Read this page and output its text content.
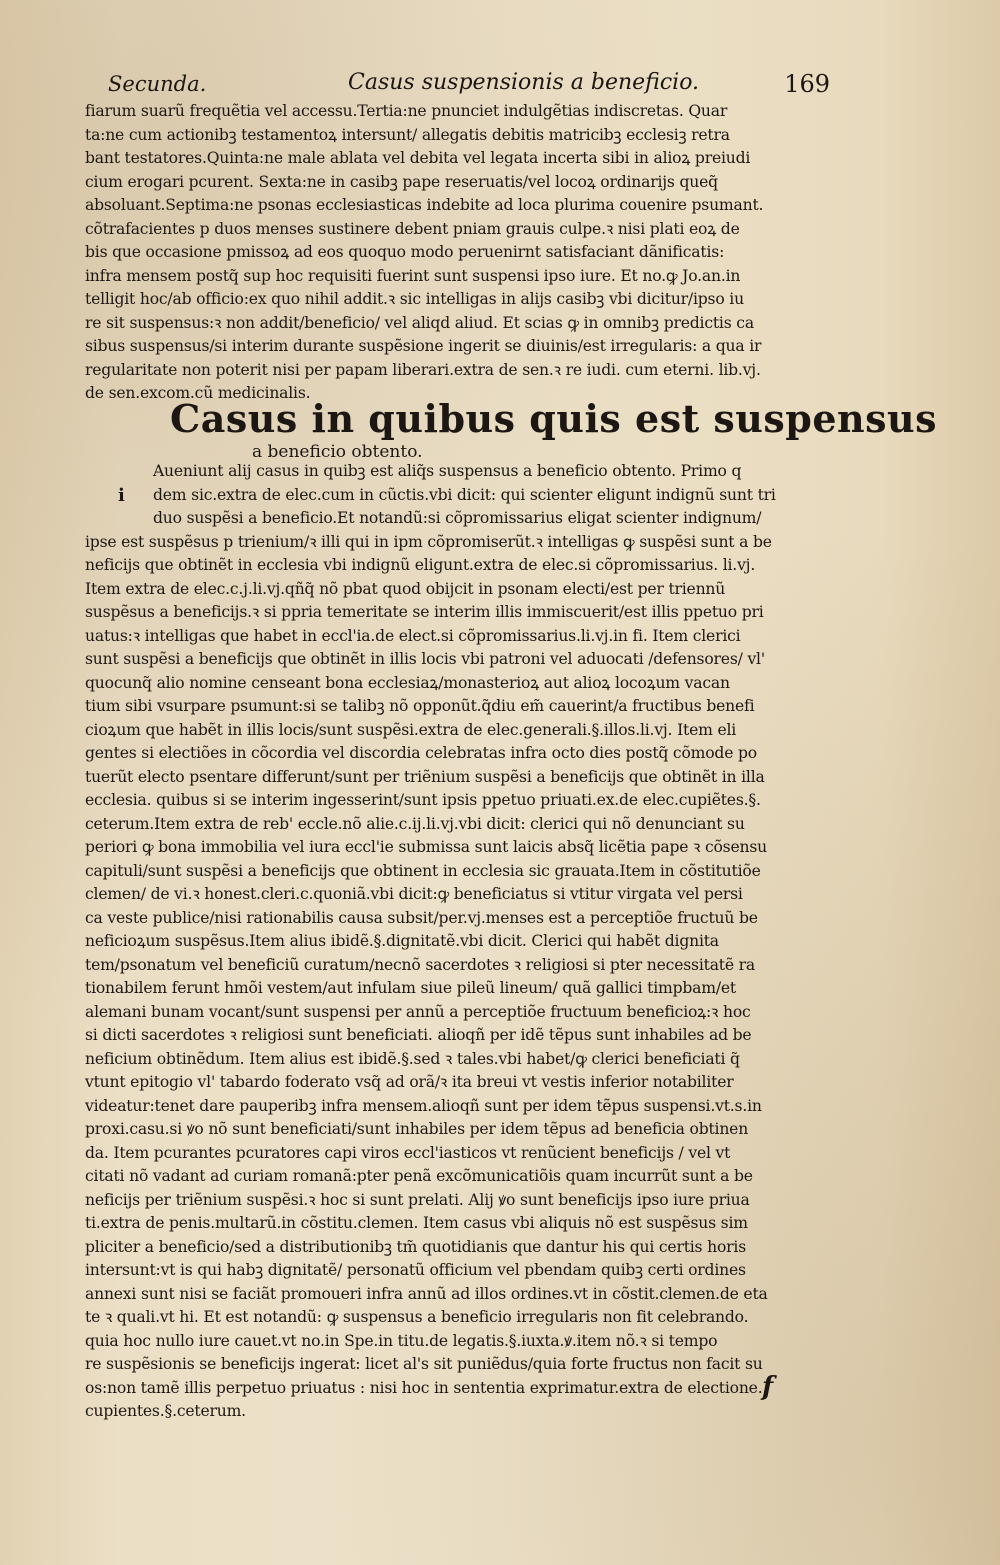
Secunda.	Casus suspensionis a beneficio.	169
fiarum suarũ frequẽtia vel accessu.Tertia:ne pnunciet indulgẽtias indiscretas. Quar
ta:ne cum actionibꝫ testamentoꝝ intersunt/ allegatis debitis matricibꝫ ecclesiꝫ retra
bant testatores.Quinta:ne male ablata vel debita vel legata incerta sibi in alioꝝ preiudi
cium erogari pcurent. Sexta:ne in casibꝫ pape reseruatis/vel locoꝝ ordinarijs queq̃
absoluant.Septima:ne psonas ecclesiasticas indebite ad loca plurima couenire psumant.
cõtrafacientes p duos menses sustinere debent pniam grauis culpe.ꝛ nisi plati eoꝝ de
bis que occasione pmissoꝝ ad eos quoquo modo peruenirnt satisfaciant dãnificatis:
infra mensem postq̃ sup hoc requisiti fuerint sunt suspensi ipso iure. Et no.ꝙ Jo.an.in
telligit hoc/ab officio:ex quo nihil addit.ꝛ sic intelligas in alijs casibꝫ vbi dicitur/ipso iu
re sit suspensus:ꝛ non addit/beneficio/ vel aliqd aliud. Et scias ꝙ in omnibꝫ predictis ca
sibus suspensus/si interim durante suspẽsione ingerit se diuinis/est irregularis: a qua ir
regularitate non poterit nisi per papam liberari.extra de sen.ꝛ re iudi. cum eterni. lib.vj.
de sen.excom.cũ medicinalis.
Casus in quibus quis est suspensus
a beneficio obtento.
i
Aueniunt alij casus in quibꝫ est aliq̃s suspensus a beneficio obtento. Primo q
dem sic.extra de elec.cum in cũctis.vbi dicit: qui scienter eligunt indignũ sunt tri
duo suspẽsi a beneficio.Et notandũ:si cõpromissarius eligat scienter indignum/
ipse est suspẽsus p trienium/ꝛ illi qui in ipm cõpromiserũt.ꝛ intelligas ꝙ suspẽsi sunt a be
neficijs que obtinẽt in ecclesia vbi indignũ eligunt.extra de elec.si cõpromissarius. li.vj.
Item extra de elec.c.j.li.vj.qñq̃ nõ pbat quod obijcit in psonam electi/est per triennũ
suspẽsus a beneficijs.ꝛ si ppria temeritate se interim illis immiscuerit/est illis ppetuo pri
uatus:ꝛ intelligas que habet in eccl'ia.de elect.si cõpromissarius.li.vj.in fi. Item clerici
sunt suspẽsi a beneficijs que obtinẽt in illis locis vbi patroni vel aduocati /defensores/ vl'
quocunq̃ alio nomine censeant bona ecclesiaꝝ/monasterioꝝ aut alioꝝ locoꝝum vacan
tium sibi vsurpare psumunt:si se talibꝫ nõ opponũt.q̃diu em̃ cauerint/a fructibus benefi
cioꝝum que habẽt in illis locis/sunt suspẽsi.extra de elec.generali.§.illos.li.vj. Item eli
gentes si electiões in cõcordia vel discordia celebratas infra octo dies postq̃ cõmode po
tuerũt electo psentare differunt/sunt per triẽnium suspẽsi a beneficijs que obtinẽt in illa
ecclesia. quibus si se interim ingesserint/sunt ipsis ppetuo priuati.ex.de elec.cupiẽtes.§.
ceterum.Item extra de reb' eccle.nõ alie.c.ij.li.vj.vbi dicit: clerici qui nõ denunciant su
periori ꝙ bona immobilia vel iura eccl'ie submissa sunt laicis absq̃ licẽtia pape ꝛ cõsensu
capituli/sunt suspẽsi a beneficijs que obtinent in ecclesia sic grauata.Item in cõstitutiõe
clemen/ de vi.ꝛ honest.cleri.c.quoniã.vbi dicit:ꝙ beneficiatus si vtitur virgata vel persi
ca veste publice/nisi rationabilis causa subsit/per.vj.menses est a perceptiõe fructuũ be
neficioꝝum suspẽsus.Item alius ibidẽ.§.dignitatẽ.vbi dicit. Clerici qui habẽt dignita
tem/psonatum vel beneficiũ curatum/necnõ sacerdotes ꝛ religiosi si pter necessitatẽ ra
tionabilem ferunt hmõi vestem/aut infulam siue pileũ lineum/ quã gallici timpbam/et
alemani bunam vocant/sunt suspensi per annũ a perceptiõe fructuum beneficioꝝ:ꝛ hoc
si dicti sacerdotes ꝛ religiosi sunt beneficiati. alioqñ per idẽ tẽpus sunt inhabiles ad be
neficium obtinẽdum. Item alius est ibidẽ.§.sed ꝛ tales.vbi habet/ꝙ clerici beneficiati q̃
vtunt epitogio vl' tabardo foderato vsq̃ ad orã/ꝛ ita breui vt vestis inferior notabiliter
videatur:tenet dare pauperibꝫ infra mensem.alioqñ sunt per idem tẽpus suspensi.vt.s.in
proxi.casu.si ꝟo nõ sunt beneficiati/sunt inhabiles per idem tẽpus ad beneficia obtinen
da. Item pcurantes pcuratores capi viros eccl'iasticos vt renũcient beneficijs / vel vt
citati nõ vadant ad curiam romanã:pter penã excõmunicatiõis quam incurrũt sunt a be
neficijs per triẽnium suspẽsi.ꝛ hoc si sunt prelati. Alij ꝟo sunt beneficijs ipso iure priua
ti.extra de penis.multarũ.in cõstitu.clemen. Item casus vbi aliquis nõ est suspẽsus sim
pliciter a beneficio/sed a distributionibꝫ tm̃ quotidianis que dantur his qui certis horis
intersunt:vt is qui habꝫ dignitatẽ/ personatũ officium vel pbendam quibꝫ certi ordines
annexi sunt nisi se faciãt promoueri infra annũ ad illos ordines.vt in cõstit.clemen.de eta
te ꝛ quali.vt hi. Et est notandũ: ꝙ suspensus a beneficio irregularis non fit celebrando.
quia hoc nullo iure cauet.vt no.in Spe.in titu.de legatis.§.iuxta.ꝟ.item nõ.ꝛ si tempo
re suspẽsionis se beneficijs ingerat: licet al's sit puniẽdus/quia forte fructus non facit su
os:non tamẽ illis perpetuo priuatus : nisi hoc in sententia exprimatur.extra de electione.
cupientes.§.ceterum.
f
